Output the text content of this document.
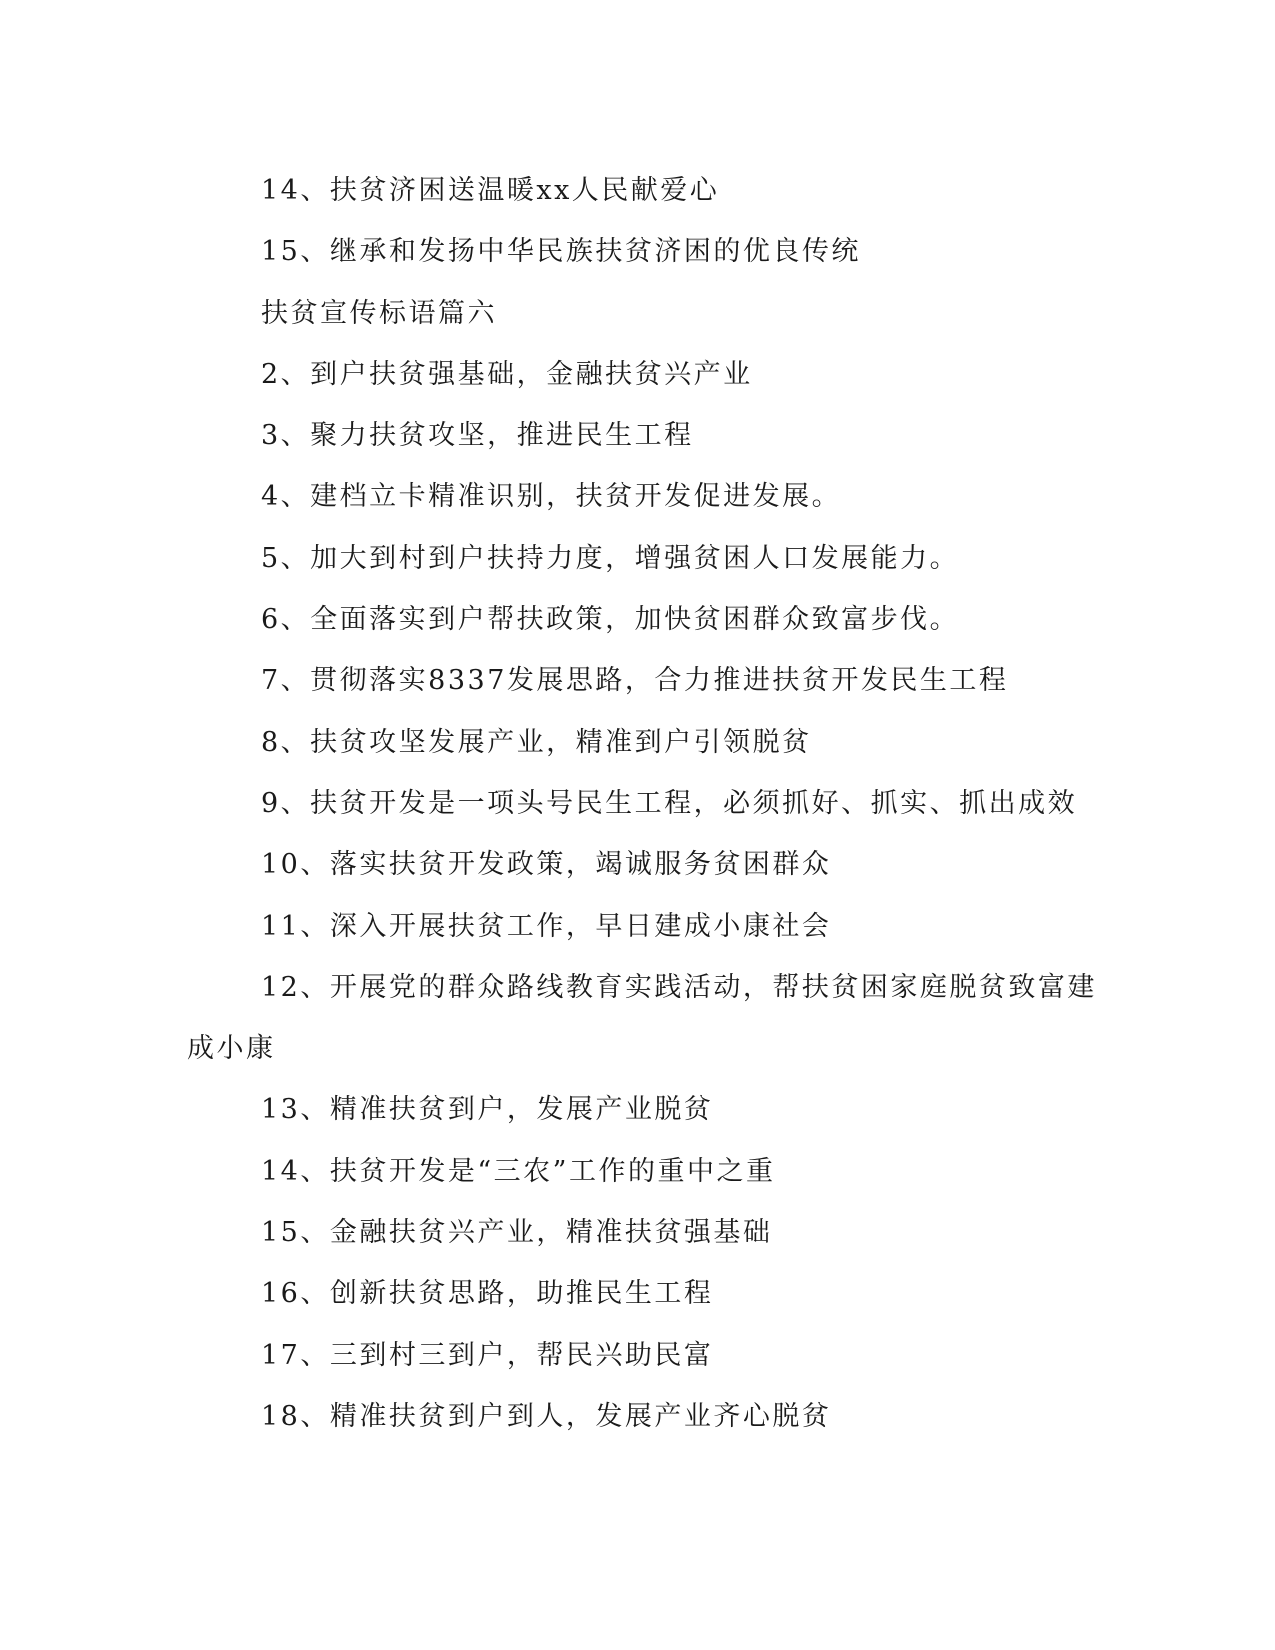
14、扶贫济困送温暖xx人民献爱心
15、继承和发扬中华民族扶贫济困的优良传统
扶贫宣传标语篇六
2、到户扶贫强基础，金融扶贫兴产业
3、聚力扶贫攻坚，推进民生工程
4、建档立卡精准识别，扶贫开发促进发展。
5、加大到村到户扶持力度，增强贫困人口发展能力。
6、全面落实到户帮扶政策，加快贫困群众致富步伐。
7、贯彻落实8337发展思路，合力推进扶贫开发民生工程
8、扶贫攻坚发展产业，精准到户引领脱贫
9、扶贫开发是一项头号民生工程，必须抓好、抓实、抓出成效
10、落实扶贫开发政策，竭诚服务贫困群众
11、深入开展扶贫工作，早日建成小康社会
12、开展党的群众路线教育实践活动，帮扶贫困家庭脱贫致富建
成小康
13、精准扶贫到户，发展产业脱贫
14、扶贫开发是“三农”工作的重中之重
15、金融扶贫兴产业，精准扶贫强基础
16、创新扶贫思路，助推民生工程
17、三到村三到户，帮民兴助民富
18、精准扶贫到户到人，发展产业齐心脱贫
